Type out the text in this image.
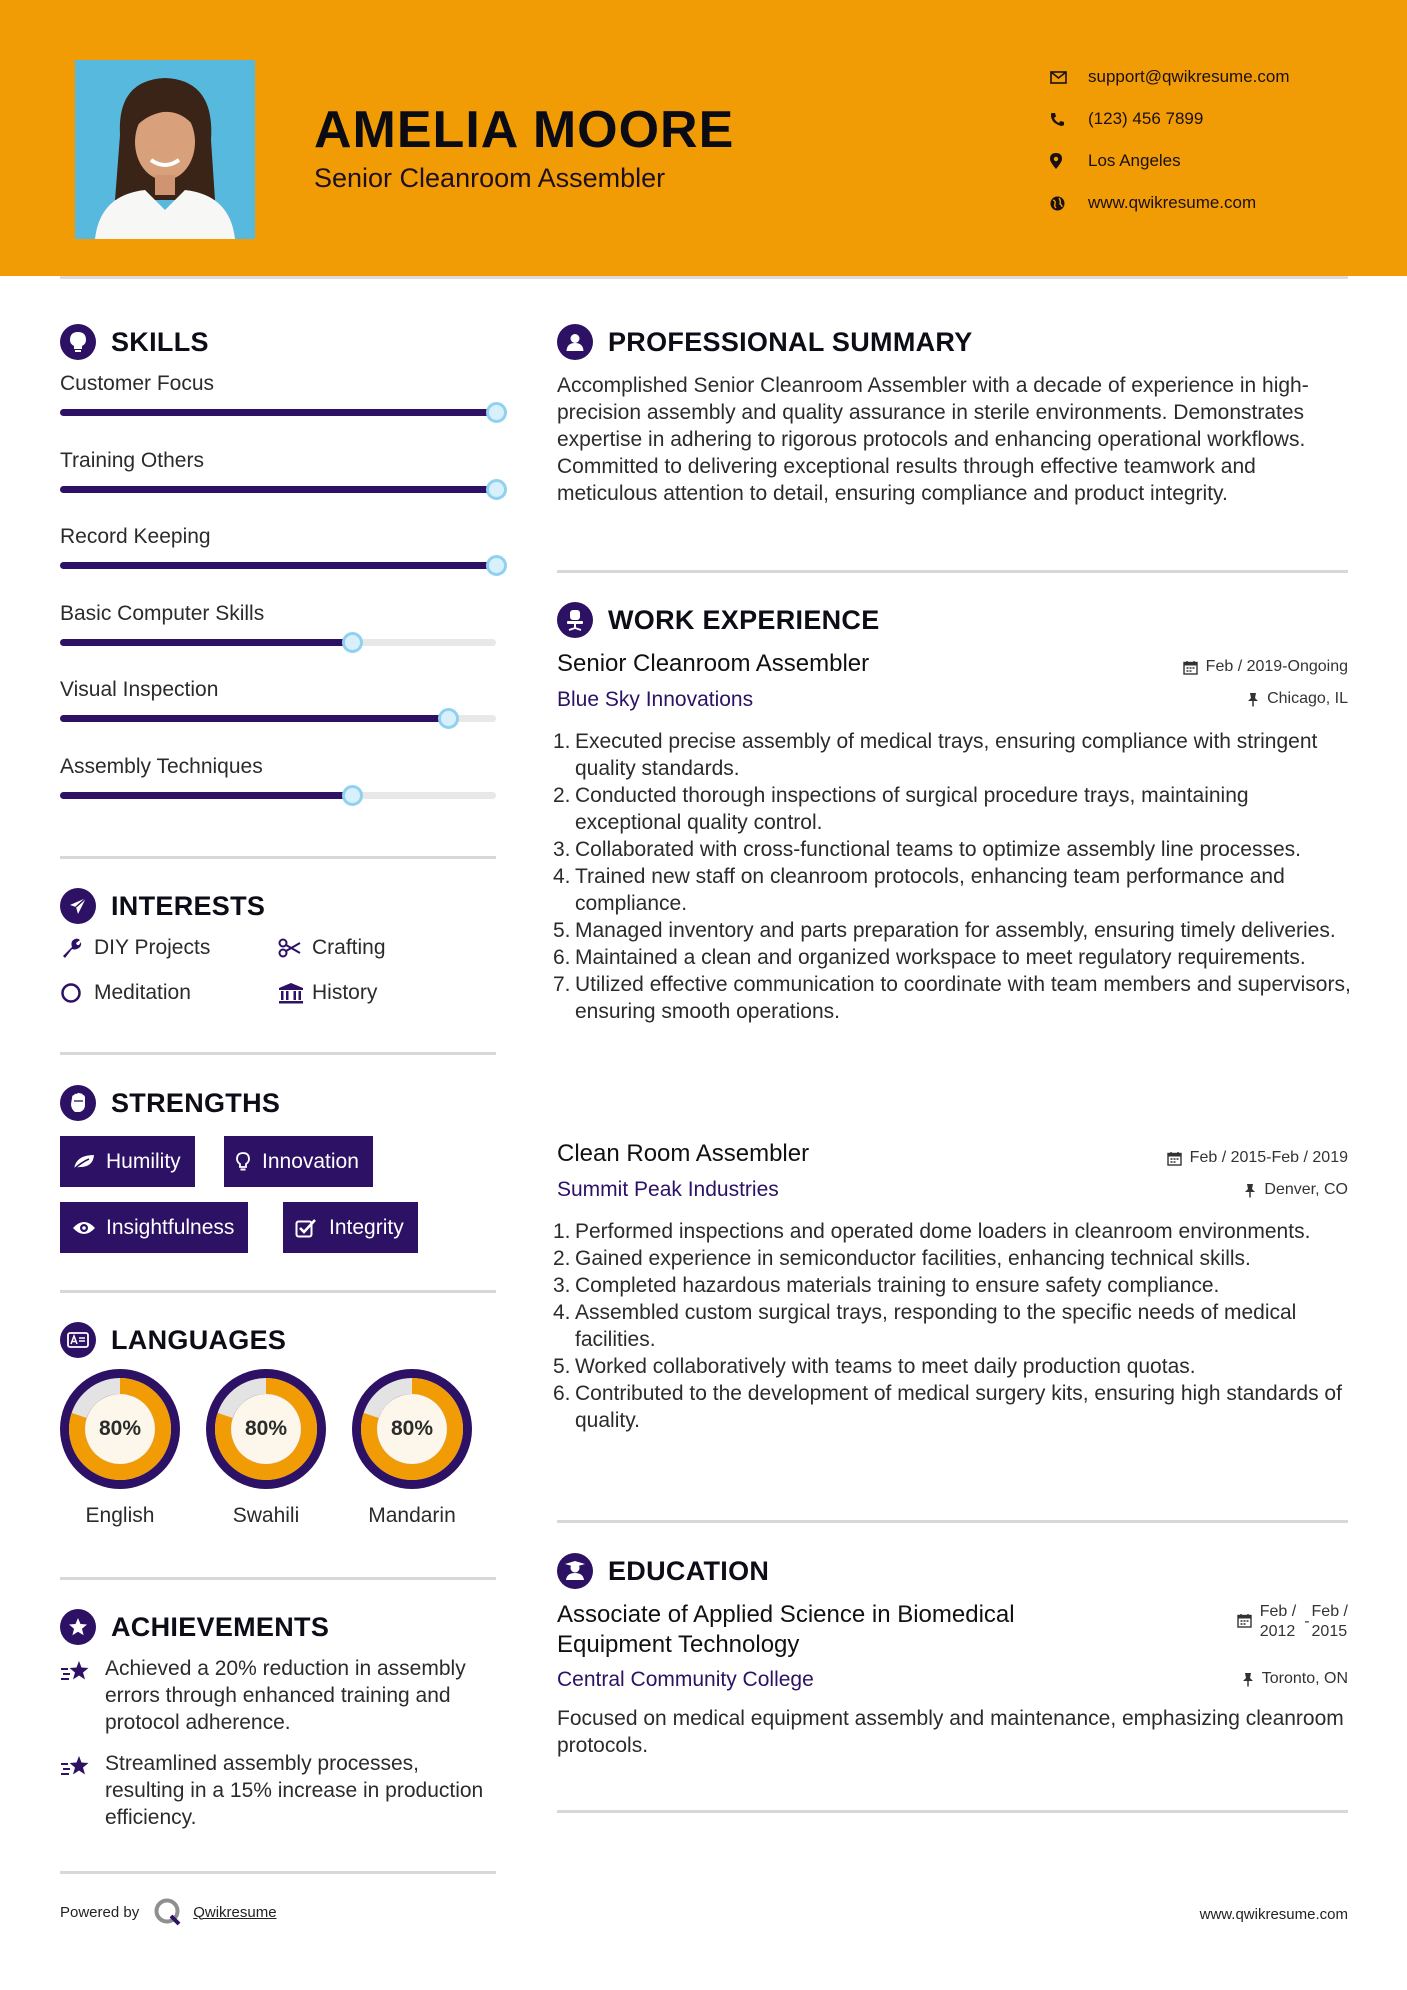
AMELIA MOORE
Senior Cleanroom Assembler
support@qwikresume.com
(123) 456 7899
Los Angeles
www.qwikresume.com
SKILLS
Customer Focus
Training Others
Record Keeping
Basic Computer Skills
Visual Inspection
Assembly Techniques
INTERESTS
DIY Projects	Crafting
Meditation	History
STRENGTHS
Humility	Innovation
Insightfulness	Integrity
LANGUAGES
80%
English
80%
Swahili
80%
Mandarin
ACHIEVEMENTS
Achieved a 20% reduction in assembly errors through enhanced training and protocol adherence.
Streamlined assembly processes, resulting in a 15% increase in production efficiency.
PROFESSIONAL SUMMARY
Accomplished Senior Cleanroom Assembler with a decade of experience in high-precision assembly and quality assurance in sterile environments. Demonstrates expertise in adhering to rigorous protocols and enhancing operational workflows. Committed to delivering exceptional results through effective teamwork and meticulous attention to detail, ensuring compliance and product integrity.
WORK EXPERIENCE
Senior Cleanroom Assembler
Blue Sky Innovations
Feb / 2019-Ongoing
Chicago, IL
1. Executed precise assembly of medical trays, ensuring compliance with stringent quality standards.
2. Conducted thorough inspections of surgical procedure trays, maintaining exceptional quality control.
3. Collaborated with cross-functional teams to optimize assembly line processes.
4. Trained new staff on cleanroom protocols, enhancing team performance and compliance.
5. Managed inventory and parts preparation for assembly, ensuring timely deliveries.
6. Maintained a clean and organized workspace to meet regulatory requirements.
7. Utilized effective communication to coordinate with team members and supervisors, ensuring smooth operations.
Clean Room Assembler
Summit Peak Industries
Feb / 2015-Feb / 2019
Denver, CO
1. Performed inspections and operated dome loaders in cleanroom environments.
2. Gained experience in semiconductor facilities, enhancing technical skills.
3. Completed hazardous materials training to ensure safety compliance.
4. Assembled custom surgical trays, responding to the specific needs of medical facilities.
5. Worked collaboratively with teams to meet daily production quotas.
6. Contributed to the development of medical surgery kits, ensuring high standards of quality.
EDUCATION
Associate of Applied Science in Biomedical
Equipment Technology
Central Community College
Feb /
2012
-
Feb /
2015
Toronto, ON
Focused on medical equipment assembly and maintenance, emphasizing cleanroom protocols.
Powered by	Qwikresume	www.qwikresume.com
